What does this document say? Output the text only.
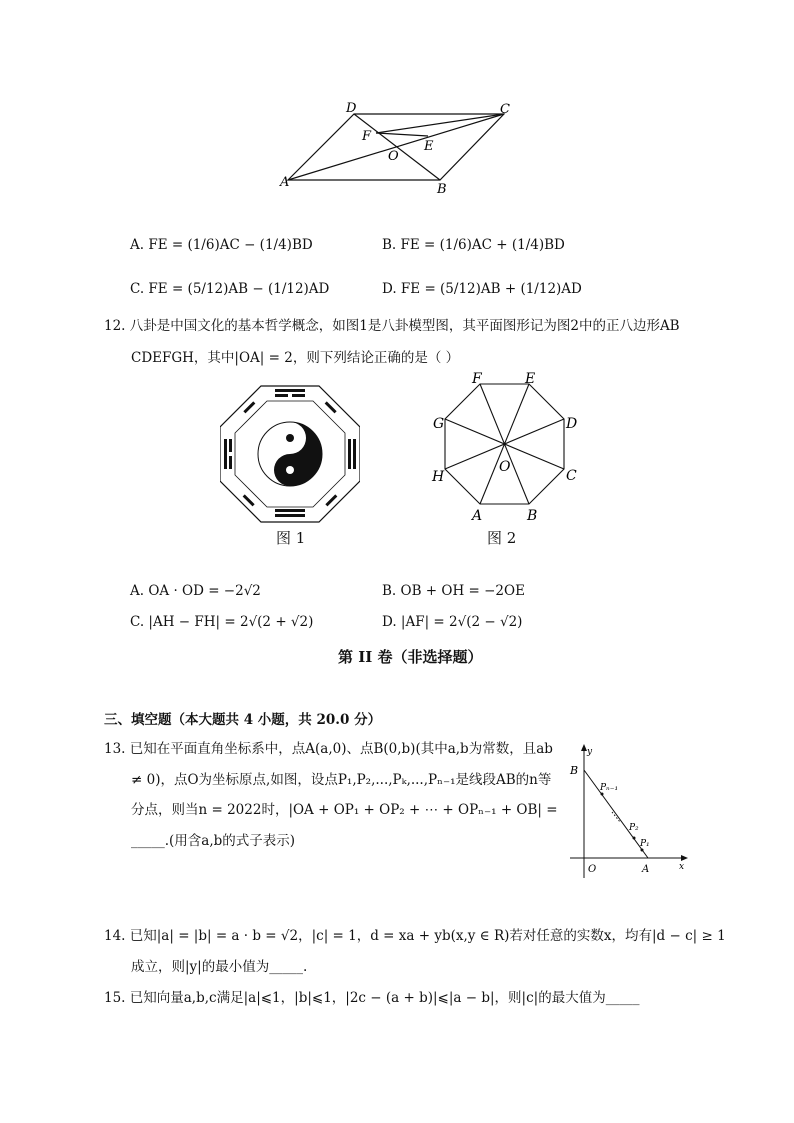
D	C
F
E
O
A	B
A. FE = (1/6)AC − (1/4)BD	B. FE = (1/6)AC + (1/4)BD
C. FE = (5/12)AB − (1/12)AD	D. FE = (5/12)AB + (1/12)AD
12. 八卦是中国文化的基本哲学概念，如图1是八卦模型图，其平面图形记为图2中的正八边形AB
CDEFGH，其中|OA| = 2，则下列结论正确的是（ ）
图 1
F	E
G	D
H	C
O
A	B
图 2
A. OA · OD = −2√2	B. OB + OH = −2OE
C. |AH − FH| = 2√(2 + √2)	D. |AF| = 2√(2 − √2)
第 II 卷（非选择题）
三、填空题（本大题共 4 小题，共 20.0 分）
13. 已知在平面直角坐标系中，点A(a,0)、点B(0,b)(其中a,b为常数，且ab
≠ 0)，点O为坐标原点,如图，设点P₁,P₂,...,Pₖ,...,Pₙ₋₁是线段AB的n等
分点，则当n = 2022时，|OA + OP₁ + OP₂ + ⋯ + OPₙ₋₁ + OB| =
_____.(用含a,b的式子表示)
y
x
B
O	A
Pₙ₋₁
P₂
P₁
14. 已知|a| = |b| = a · b = √2，|c| = 1，d = xa + yb(x,y ∈ R)若对任意的实数x，均有|d − c| ≥ 1
成立，则|y|的最小值为_____.
15. 已知向量a,b,c满足|a|⩽1，|b|⩽1，|2c − (a + b)|⩽|a − b|，则|c|的最大值为_____
